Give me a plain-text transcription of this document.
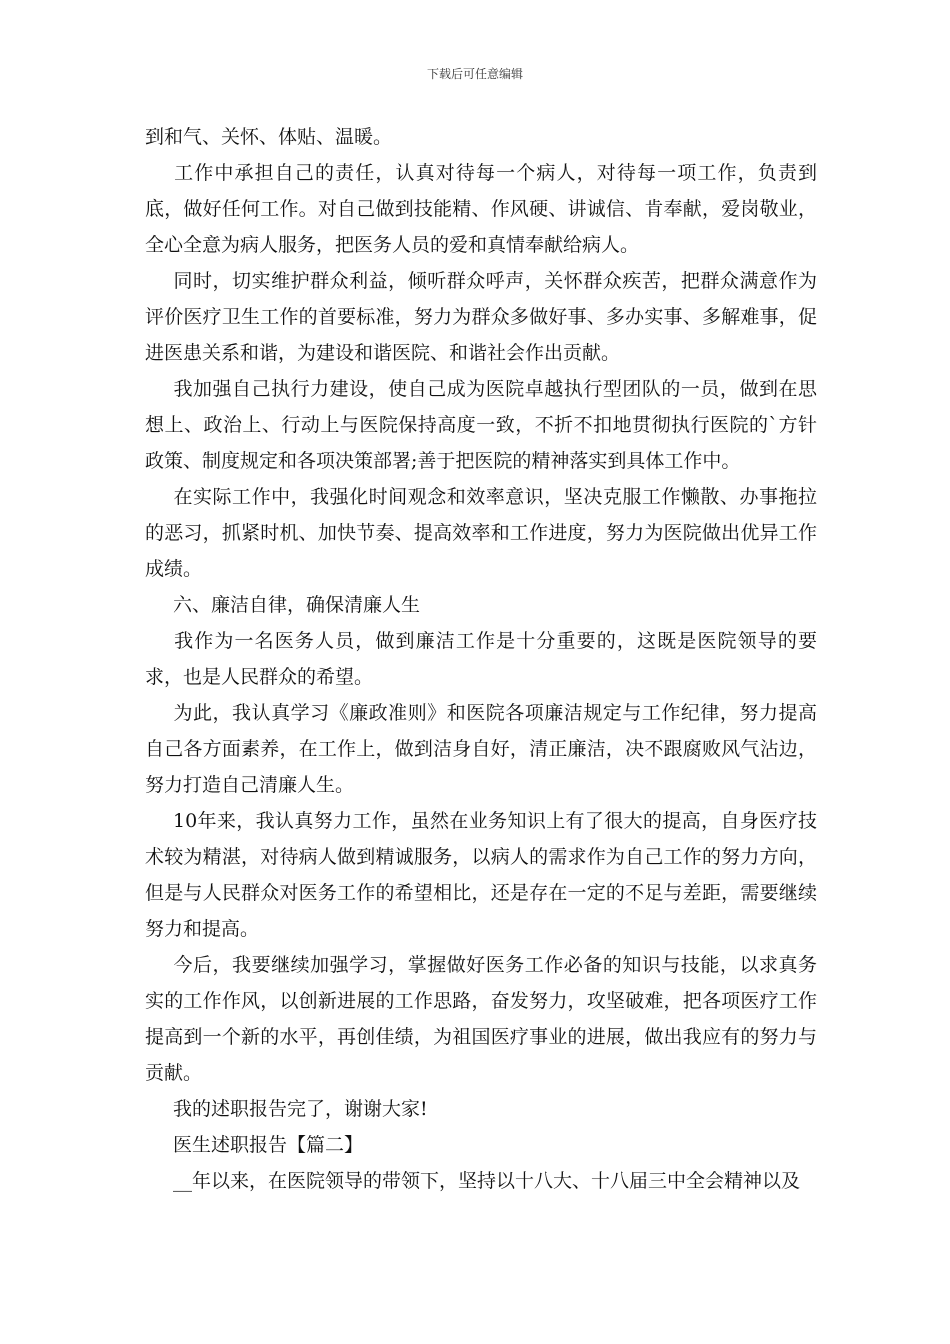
下载后可任意编辑

到和气、关怀、体贴、温暖。

工作中承担自己的责任，认真对待每一个病人，对待每一项工作，负责到底，做好任何工作。对自己做到技能精、作风硬、讲诚信、肯奉献，爱岗敬业，全心全意为病人服务，把医务人员的爱和真情奉献给病人。

同时，切实维护群众利益，倾听群众呼声，关怀群众疾苦，把群众满意作为评价医疗卫生工作的首要标准，努力为群众多做好事、多办实事、多解难事，促进医患关系和谐，为建设和谐医院、和谐社会作出贡献。

我加强自己执行力建设，使自己成为医院卓越执行型团队的一员，做到在思想上、政治上、行动上与医院保持高度一致，不折不扣地贯彻执行医院的`方针政策、制度规定和各项决策部署;善于把医院的精神落实到具体工作中。

在实际工作中，我强化时间观念和效率意识，坚决克服工作懒散、办事拖拉的恶习，抓紧时机、加快节奏、提高效率和工作进度，努力为医院做出优异工作成绩。

六、廉洁自律，确保清廉人生

我作为一名医务人员，做到廉洁工作是十分重要的，这既是医院领导的要求，也是人民群众的希望。

为此，我认真学习《廉政准则》和医院各项廉洁规定与工作纪律，努力提高自己各方面素养，在工作上，做到洁身自好，清正廉洁，决不跟腐败风气沾边，努力打造自己清廉人生。

10年来，我认真努力工作，虽然在业务知识上有了很大的提高，自身医疗技术较为精湛，对待病人做到精诚服务，以病人的需求作为自己工作的努力方向，但是与人民群众对医务工作的希望相比，还是存在一定的不足与差距，需要继续努力和提高。

今后，我要继续加强学习，掌握做好医务工作必备的知识与技能，以求真务实的工作作风，以创新进展的工作思路，奋发努力，攻坚破难，把各项医疗工作提高到一个新的水平，再创佳绩，为祖国医疗事业的进展，做出我应有的努力与贡献。

我的述职报告完了，谢谢大家!

医生述职报告【篇二】

__年以来，在医院领导的带领下，坚持以十八大、十八届三中全会精神以及
